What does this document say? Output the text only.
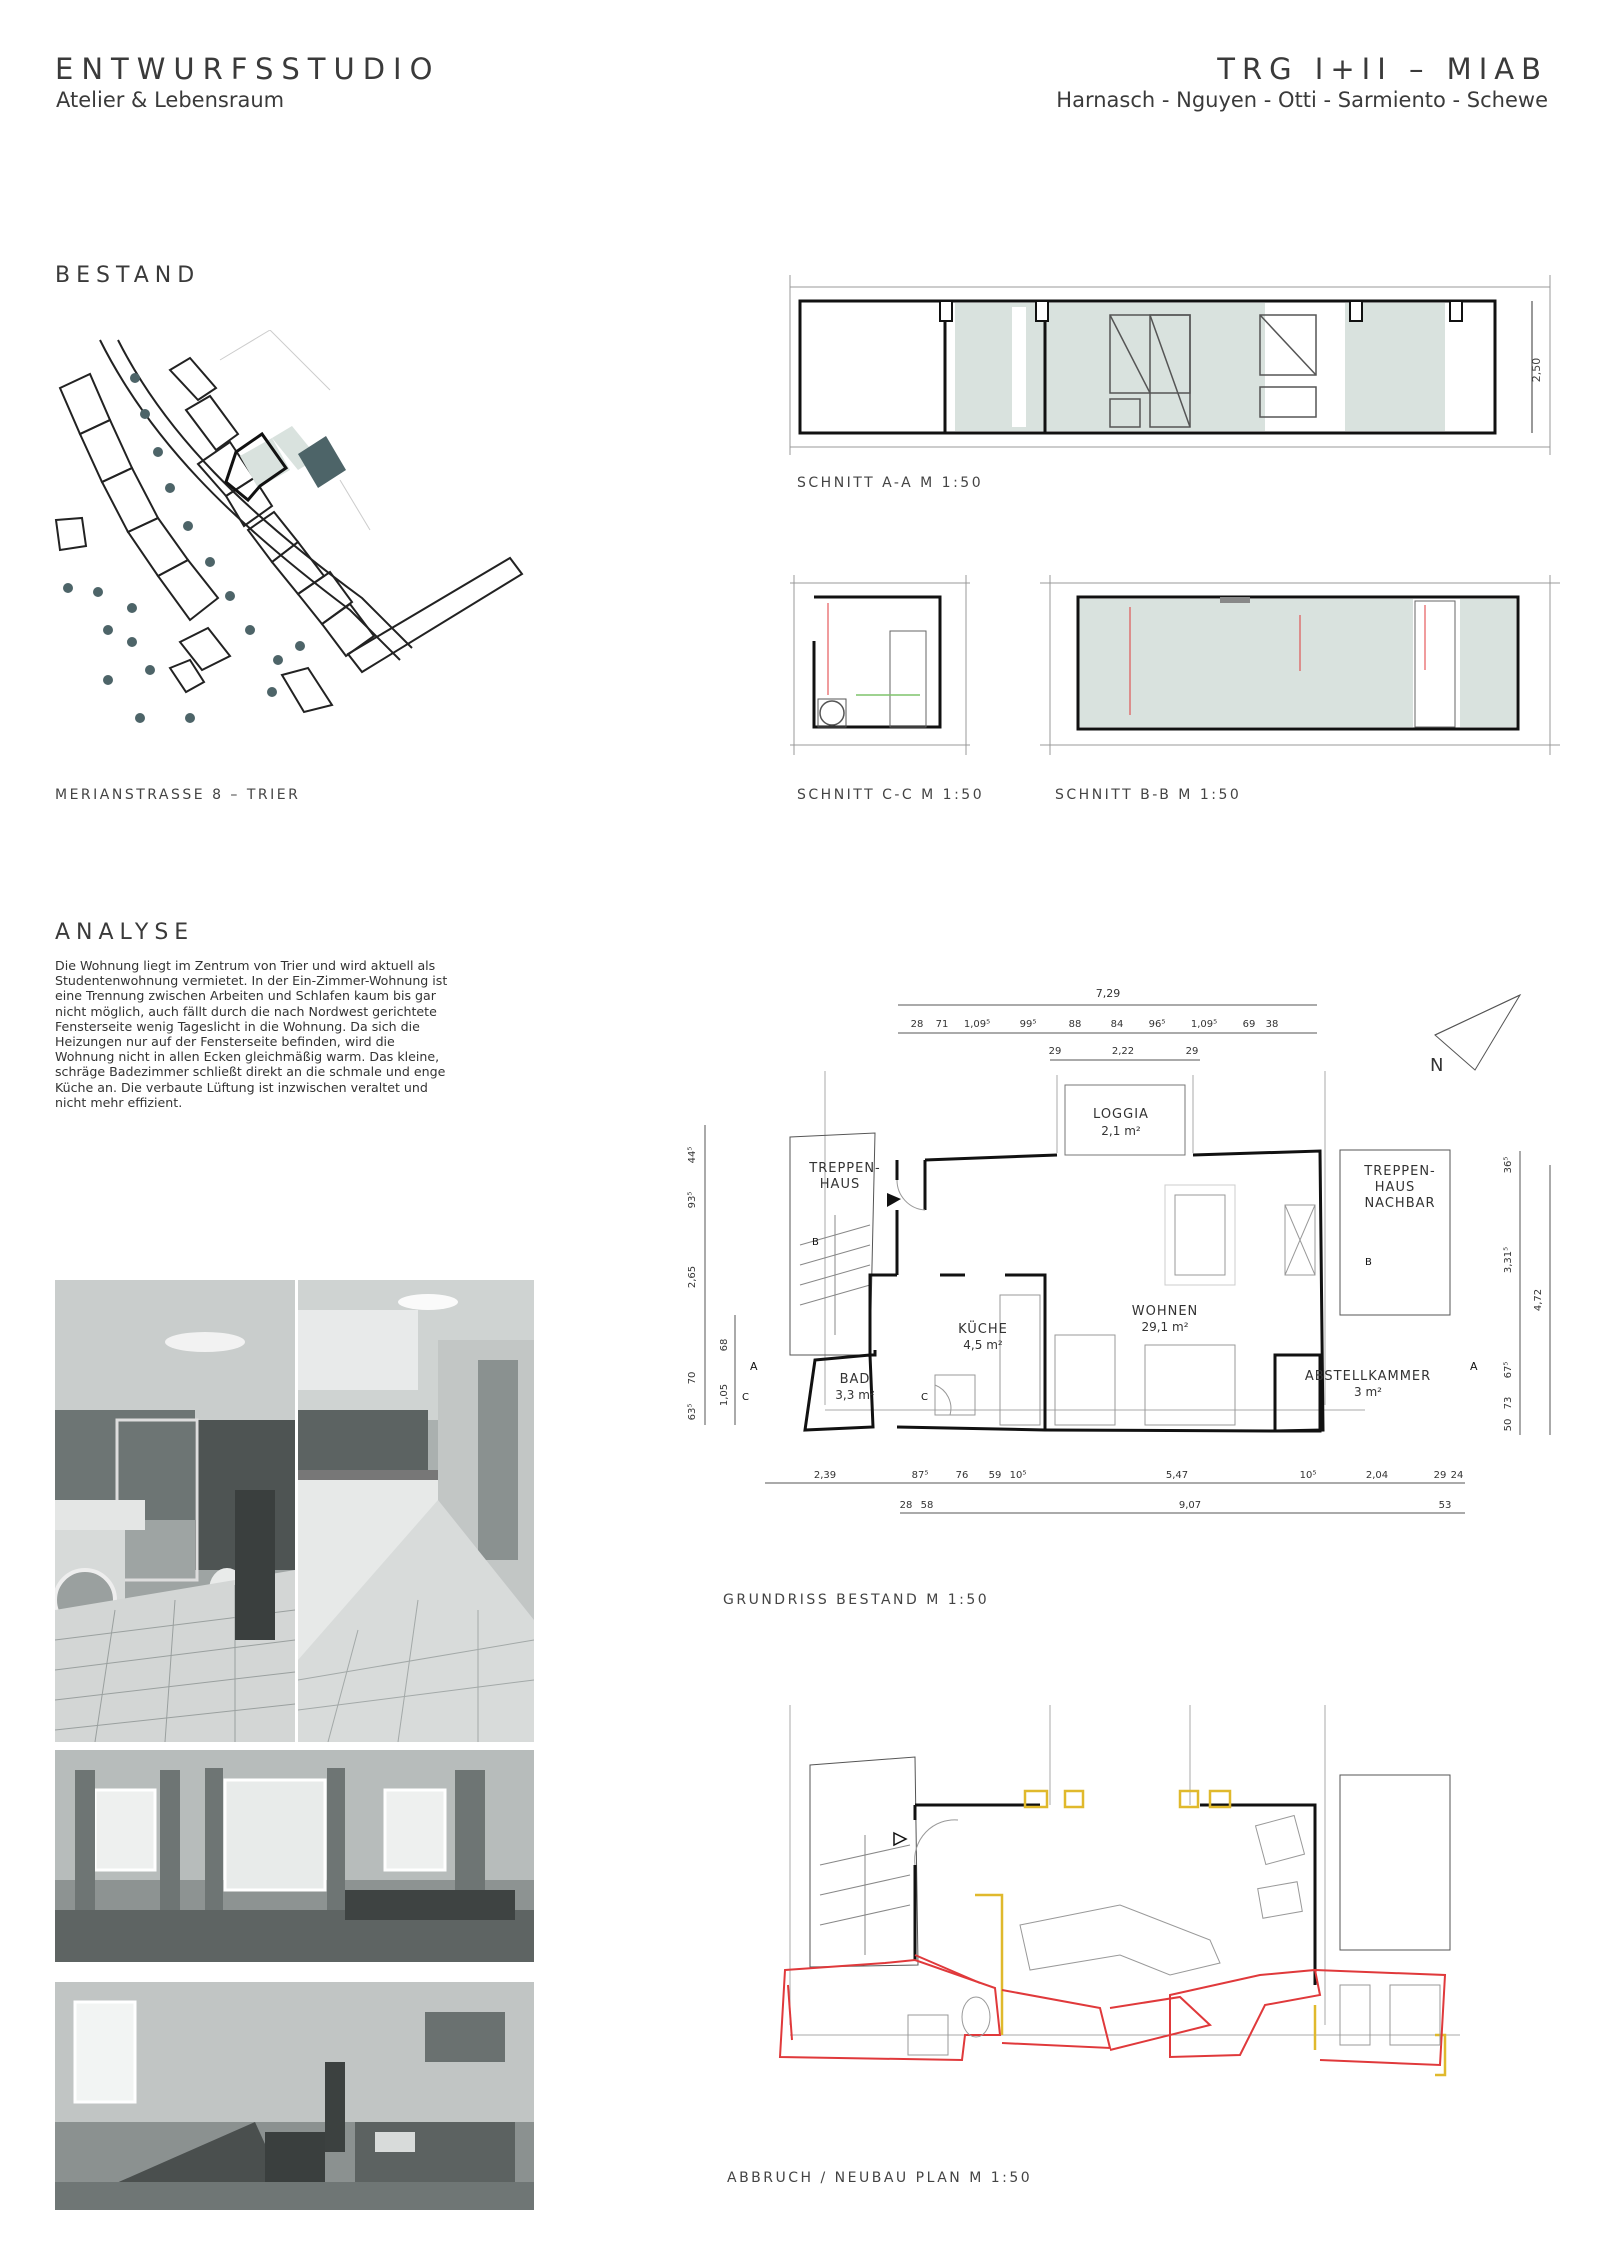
ENTWURFSSTUDIO
Atelier & Lebensraum
TRG I+II – MIAB
Harnasch - Nguyen - Otti - Sarmiento - Schewe
BESTAND
ANALYSE
MERIANSTRASSE 8 – TRIER
2,50
SCHNITT A-A M 1:50
SCHNITT C-C M 1:50	SCHNITT B-B M 1:50
Die Wohnung liegt im Zentrum von Trier und wird aktuell als Studentenwohnung vermietet. In der Ein-Zimmer-Wohnung ist eine Trennung zwischen Arbeiten und Schlafen kaum bis gar nicht möglich, auch fällt durch die nach Nordwest gerichtete Fensterseite wenig Tageslicht in die Wohnung. Da sich die Heizungen nur auf der Fensterseite befinden, wird die Wohnung nicht in allen Ecken gleichmäßig warm. Das kleine, schräge Badezimmer schließt direkt an die schmale und enge Küche an. Die verbaute Lüftung ist inzwischen veraltet und nicht mehr effizient.
N
7,29
28 71 1,09⁵	99⁵	88	84	96⁵	1,09⁵	69 38
29	2,22	29
LOGGIA
2,1 m²
TREPPEN-
HAUS
TREPPEN-
HAUS
NACHBAR
KÜCHE
4,5 m²
WOHNEN
29,1 m²
BAD
3,3 m²
ABSTELLKAMMER
3 m²
A	A
B
B
C	C
44⁵
93⁵
2,65
68
70
1,05
63⁵
36⁵
3,31⁵
4,72
67⁵
73
50
2,39	87⁵	76 59 10⁵	5,47	10⁵	2,04	29 24
28 58	9,07	53
GRUNDRISS BESTAND M 1:50
ABBRUCH / NEUBAU PLAN M 1:50
